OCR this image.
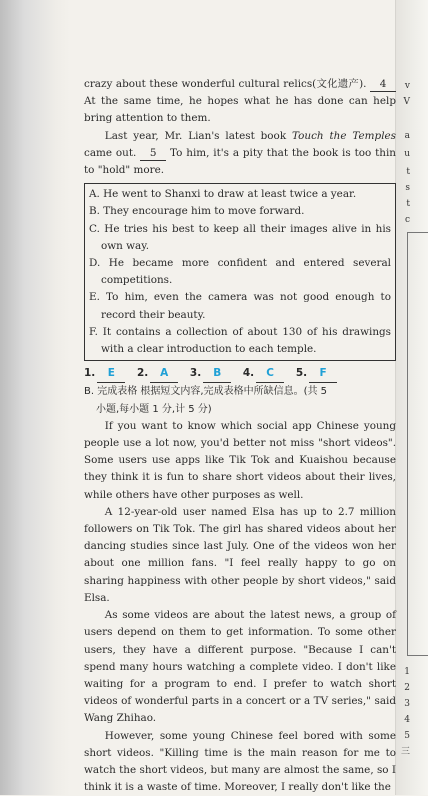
v
V
a
u
t
s
t
c
1
2
3
4
5
三

crazy about these wonderful cultural relics(文化遗产). 4 At the same time, he hopes what he has done can help bring attention to them.

Last year, Mr. Lian's latest book Touch the Temples came out. 5 To him, it's a pity that the book is too thin to "hold" more.

A. He went to Shanxi to draw at least twice a year.
B. They encourage him to move forward.
C. He tries his best to keep all their images alive in his own way.
D. He became more confident and entered several competitions.
E. To him, even the camera was not good enough to record their beauty.
F. It contains a collection of about 130 of his drawings with a clear introduction to each temple.
1. E 2. A 3. B 4. C 5. F
B. 完成表格 根据短文内容,完成表格中所缺信息。(共 5
小题,每小题 1 分,计 5 分)

If you want to know which social app Chinese young people use a lot now, you'd better not miss "short videos". Some users use apps like Tik Tok and Kuaishou because they think it is fun to share short videos about their lives, while others have other purposes as well.

A 12-year-old user named Elsa has up to 2.7 million followers on Tik Tok. The girl has shared videos about her dancing studies since last July. One of the videos won her about one million fans. "I feel really happy to go on sharing happiness with other people by short videos," said Elsa.

As some videos are about the latest news, a group of users depend on them to get information. To some other users, they have a different purpose. "Because I can't spend many hours watching a complete video. I don't like waiting for a program to end. I prefer to watch short videos of wonderful parts in a concert or a TV series," said Wang Zhihao.

However, some young Chinese feel bored with some short videos. "Killing time is the main reason for me to watch the short videos, but many are almost the same, so I think it is a waste of time. Moreover, I really don't like the
